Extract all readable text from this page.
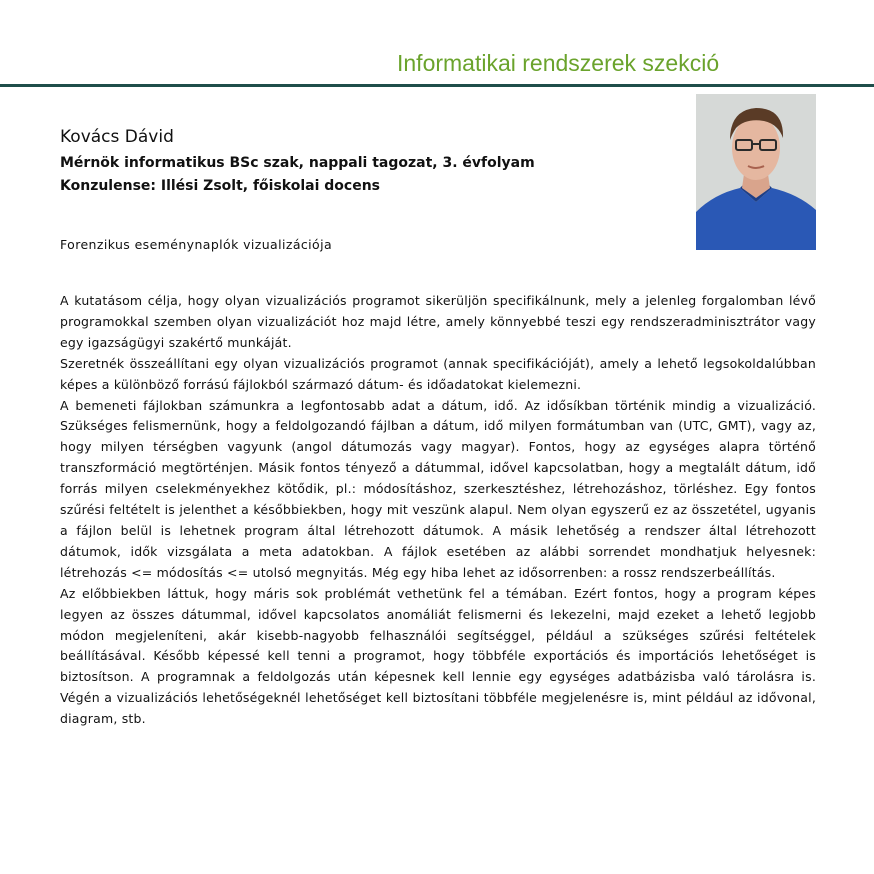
Informatikai rendszerek szekció
Kovács Dávid

Mérnök informatikus BSc szak, nappali tagozat, 3. évfolyam

Konzulense: Illési Zsolt, főiskolai docens

Forenzikus eseménynaplók vizualizációja

A kutatásom célja, hogy olyan vizualizációs programot sikerüljön specifikálnunk, mely a jelenleg forgalomban lévő programokkal szemben olyan vizualizációt hoz majd létre, amely könnyebbé teszi egy rendszeradminisztrátor vagy egy igazságügyi szakértő munkáját.

Szeretnék összeállítani egy olyan vizualizációs programot (annak specifikációját), amely a lehető legsokoldalúbban képes a különböző forrású fájlokból származó dátum- és időadatokat kielemezni.

A bemeneti fájlokban számunkra a legfontosabb adat a dátum, idő. Az idősíkban történik mindig a vizualizáció. Szükséges felismernünk, hogy a feldolgozandó fájlban a dátum, idő milyen formátumban van (UTC, GMT), vagy az, hogy milyen térségben vagyunk (angol dátumozás vagy magyar). Fontos, hogy az egységes alapra történő transzformáció megtörténjen. Másik fontos tényező a dátummal, idővel kapcsolatban, hogy a megtalált dátum, idő forrás milyen cselekményekhez kötődik, pl.: módosításhoz, szerkesztéshez, létrehozáshoz, törléshez. Egy fontos szűrési feltételt is jelenthet a későbbiekben, hogy mit veszünk alapul. Nem olyan egyszerű ez az összetétel, ugyanis a fájlon belül is lehetnek program által létrehozott dátumok. A másik lehetőség a rendszer által létrehozott dátumok, idők vizsgálata a meta adatokban. A fájlok esetében az alábbi sorrendet mondhatjuk helyesnek: létrehozás <= módosítás <= utolsó megnyitás. Még egy hiba lehet az idősorrenben: a rossz rendszerbeállítás.

Az előbbiekben láttuk, hogy máris sok problémát vethetünk fel a témában. Ezért fontos, hogy a program képes legyen az összes dátummal, idővel kapcsolatos anomáliát felismerni és lekezelni, majd ezeket a lehető legjobb módon megjeleníteni, akár kisebb-nagyobb felhasználói segítséggel, például a szükséges szűrési feltételek beállításával. Később képessé kell tenni a programot, hogy többféle exportációs és importációs lehetőséget is biztosítson. A programnak a feldolgozás után képesnek kell lennie egy egységes adatbázisba való tárolásra is. Végén a vizualizációs lehetőségeknél lehetőséget kell biztosítani többféle megjelenésre is, mint például az idővonal, diagram, stb.
